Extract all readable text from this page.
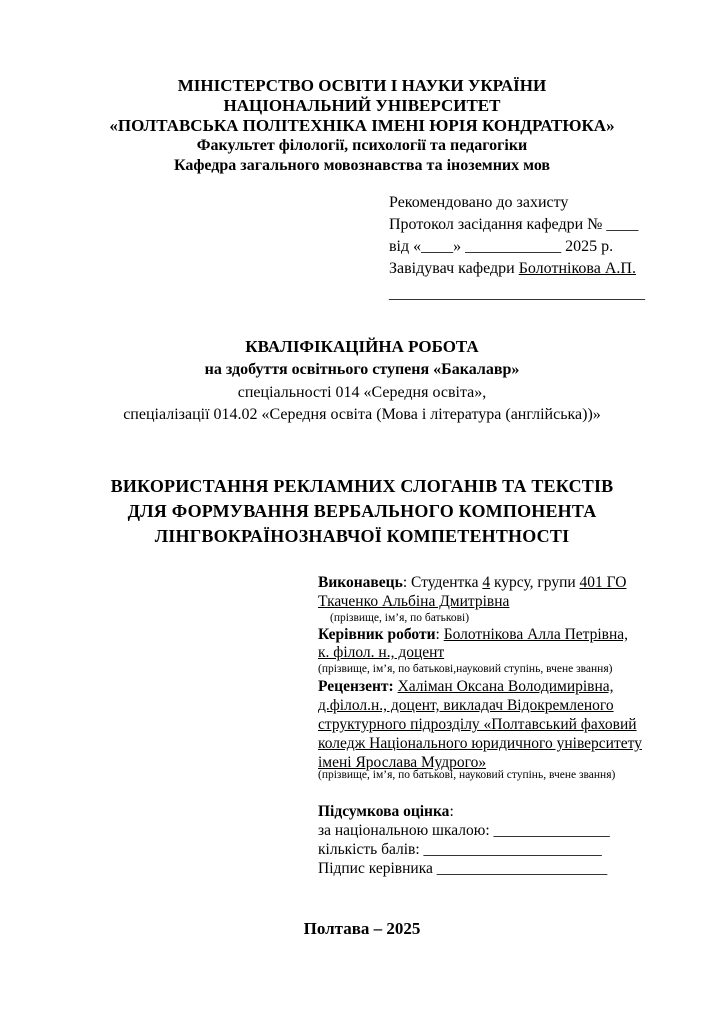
МІНІСТЕРСТВО ОСВІТИ І НАУКИ УКРАЇНИ
НАЦІОНАЛЬНИЙ УНІВЕРСИТЕТ
«ПОЛТАВСЬКА ПОЛІТЕХНІКА ІМЕНІ ЮРІЯ КОНДРАТЮКА»
Факультет філології, психології та педагогіки
Кафедра загального мовознавства та іноземних мов
Рекомендовано до захисту
Протокол засідання кафедри № ____
від «____» ____________ 2025 р.
Завідувач кафедри Болотнікова А.П.
________________________________
КВАЛІФІКАЦІЙНА РОБОТА
на здобуття освітнього ступеня «Бакалавр»
спеціальності 014 «Середня освіта»,
спеціалізації 014.02 «Середня освіта (Мова і література (англійська))»
ВИКОРИСТАННЯ РЕКЛАМНИХ СЛОГАНІВ ТА ТЕКСТІВ
ДЛЯ ФОРМУВАННЯ ВЕРБАЛЬНОГО КОМПОНЕНТА
ЛІНГВОКРАЇНОЗНАВЧОЇ КОМПЕТЕНТНОСТІ
Виконавець: Студентка 4 курсу, групи 401 ГО
Ткаченко Альбіна Дмитрівна
(прізвище, ім’я, по батькові)
Керівник роботи: Болотнікова Алла Петрівна,
к. філол. н., доцент
(прізвище, ім’я, по батькові,науковий ступінь, вчене звання)
Рецензент: Халіман Оксана Володимирівна,
д.філол.н., доцент, викладач Відокремленого
структурного підрозділу «Полтавський фаховий
коледж Національного юридичного університету
імені Ярослава Мудрого»
(прізвище, ім’я, по батькові, науковий ступінь, вчене звання)
Підсумкова оцінка:
за національною шкалою: _______________
кількість балів: _______________________
Підпис керівника ______________________
Полтава – 2025
